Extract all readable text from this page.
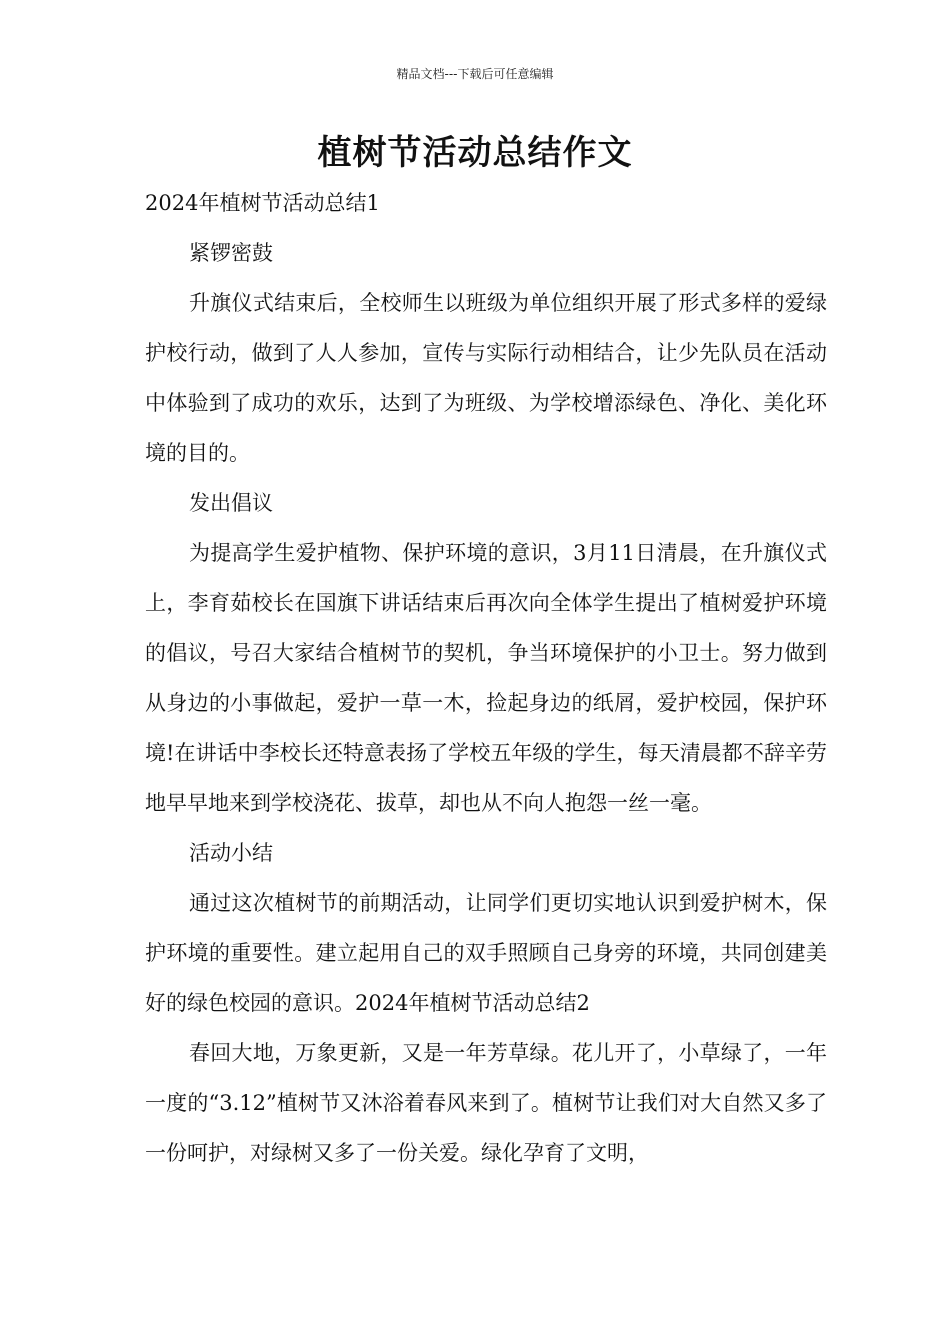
精品文档---下载后可任意编辑
植树节活动总结作文

2024年植树节活动总结1

紧锣密鼓

升旗仪式结束后，全校师生以班级为单位组织开展了形式多样的爱绿护校行动，做到了人人参加，宣传与实际行动相结合，让少先队员在活动中体验到了成功的欢乐，达到了为班级、为学校增添绿色、净化、美化环境的目的。

发出倡议

为提高学生爱护植物、保护环境的意识，3月11日清晨，在升旗仪式上，李育茹校长在国旗下讲话结束后再次向全体学生提出了植树爱护环境的倡议，号召大家结合植树节的契机，争当环境保护的小卫士。努力做到从身边的小事做起，爱护一草一木，捡起身边的纸屑，爱护校园，保护环境!在讲话中李校长还特意表扬了学校五年级的学生，每天清晨都不辞辛劳地早早地来到学校浇花、拔草，却也从不向人抱怨一丝一毫。

活动小结

通过这次植树节的前期活动，让同学们更切实地认识到爱护树木，保护环境的重要性。建立起用自己的双手照顾自己身旁的环境，共同创建美好的绿色校园的意识。2024年植树节活动总结2

春回大地，万象更新，又是一年芳草绿。花儿开了，小草绿了，一年一度的“3.12”植树节又沐浴着春风来到了。植树节让我们对大自然又多了一份呵护，对绿树又多了一份关爱。绿化孕育了文明，
